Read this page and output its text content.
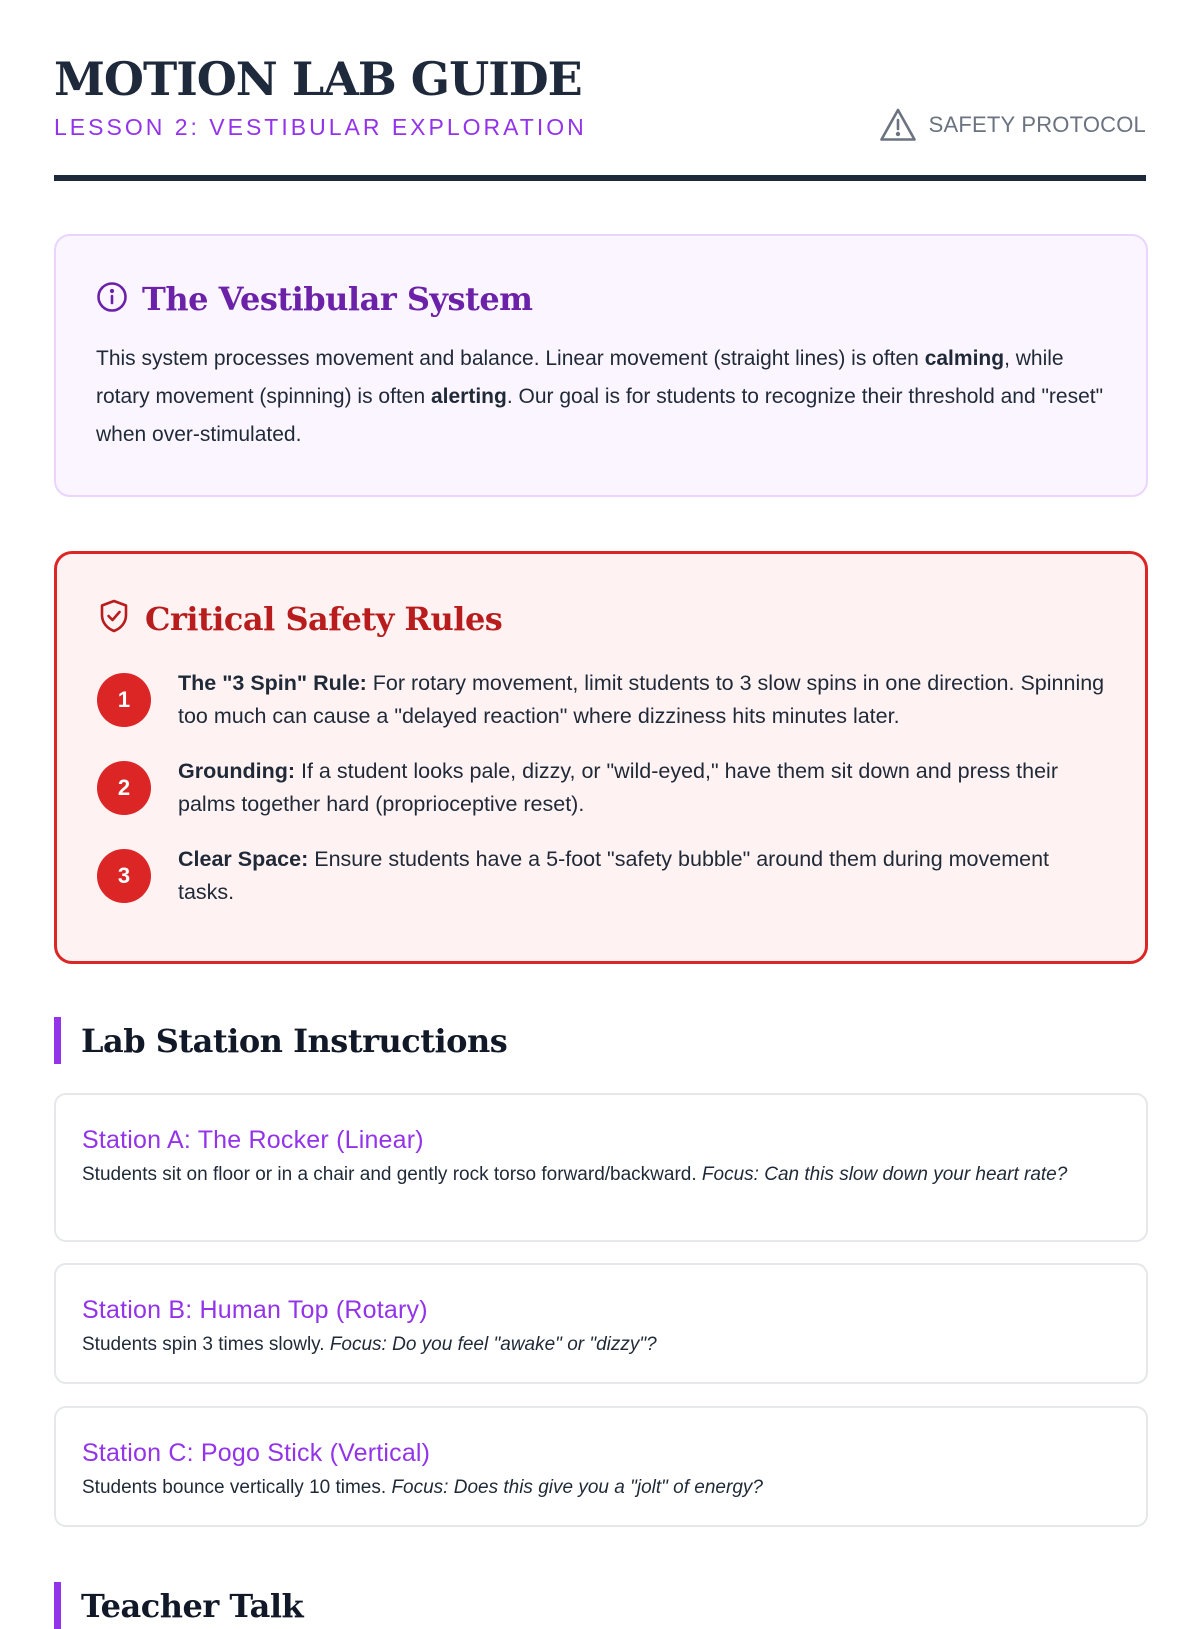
MOTION LAB GUIDE
LESSON 2: VESTIBULAR EXPLORATION	SAFETY PROTOCOL
The Vestibular System

This system processes movement and balance. Linear movement (straight lines) is often calming, while rotary movement (spinning) is often alerting. Our goal is for students to recognize their threshold and "reset" when over-stimulated.

Critical Safety Rules
1

The "3 Spin" Rule: For rotary movement, limit students to 3 slow spins in one direction. Spinning too much can cause a "delayed reaction" where dizziness hits minutes later.

2

Grounding: If a student looks pale, dizzy, or "wild-eyed," have them sit down and press their palms together hard (proprioceptive reset).

3

Clear Space: Ensure students have a 5-foot "safety bubble" around them during movement tasks.

Lab Station Instructions
Station A: The Rocker (Linear)

Students sit on floor or in a chair and gently rock torso forward/backward. Focus: Can this slow down your heart rate?

Station B: Human Top (Rotary)

Students spin 3 times slowly. Focus: Do you feel "awake" or "dizzy"?

Station C: Pogo Stick (Vertical)

Students bounce vertically 10 times. Focus: Does this give you a "jolt" of energy?

Teacher Talk
